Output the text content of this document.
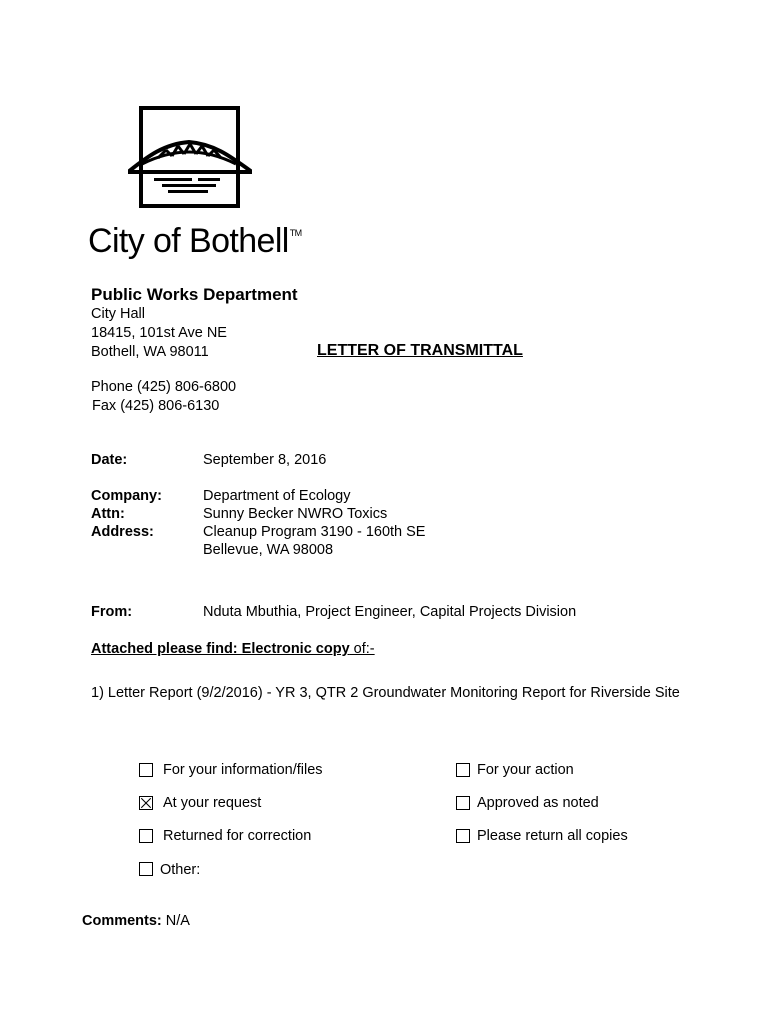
City of Bothell™
Public Works Department
City Hall
18415, 101st Ave NE
Bothell, WA 98011	LETTER OF TRANSMITTAL
Phone (425) 806-6800
Fax (425) 806-6130
Date:	September 8, 2016
Company:	Department of Ecology
Attn:	Sunny Becker NWRO Toxics
Address:	Cleanup Program 3190 - 160th SE
Bellevue, WA 98008
From:	Nduta Mbuthia, Project Engineer, Capital Projects Division
Attached please find: Electronic copy of:-
1) Letter Report (9/2/2016) - YR 3, QTR 2 Groundwater Monitoring Report for Riverside Site
For your information/files	For your action
At your request	Approved as noted
Returned for correction	Please return all copies
Other:
Comments: N/A
